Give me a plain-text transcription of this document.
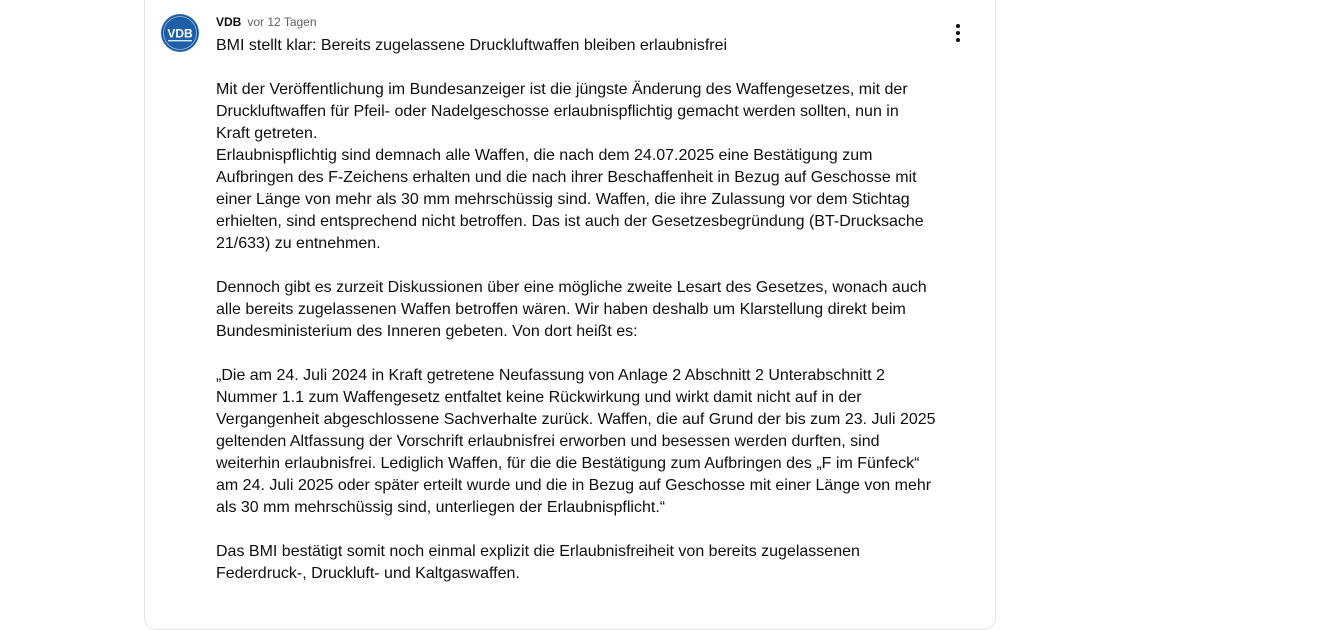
VDB
VDB vor 12 Tagen

BMI stellt klar: Bereits zugelassene Druckluftwaffen bleiben erlaubnisfrei

Mit der Veröffentlichung im Bundesanzeiger ist die jüngste Änderung des Waffengesetzes, mit der

Druckluftwaffen für Pfeil- oder Nadelgeschosse erlaubnispflichtig gemacht werden sollten, nun in

Kraft getreten.

Erlaubnispflichtig sind demnach alle Waffen, die nach dem 24.07.2025 eine Bestätigung zum

Aufbringen des F-Zeichens erhalten und die nach ihrer Beschaffenheit in Bezug auf Geschosse mit

einer Länge von mehr als 30 mm mehrschüssig sind. Waffen, die ihre Zulassung vor dem Stichtag

erhielten, sind entsprechend nicht betroffen. Das ist auch der Gesetzesbegründung (BT-Drucksache

21/633) zu entnehmen.

Dennoch gibt es zurzeit Diskussionen über eine mögliche zweite Lesart des Gesetzes, wonach auch

alle bereits zugelassenen Waffen betroffen wären. Wir haben deshalb um Klarstellung direkt beim

Bundesministerium des Inneren gebeten. Von dort heißt es:

„Die am 24. Juli 2024 in Kraft getretene Neufassung von Anlage 2 Abschnitt 2 Unterabschnitt 2

Nummer 1.1 zum Waffengesetz entfaltet keine Rückwirkung und wirkt damit nicht auf in der

Vergangenheit abgeschlossene Sachverhalte zurück. Waffen, die auf Grund der bis zum 23. Juli 2025

geltenden Altfassung der Vorschrift erlaubnisfrei erworben und besessen werden durften, sind

weiterhin erlaubnisfrei. Lediglich Waffen, für die die Bestätigung zum Aufbringen des „F im Fünfeck“

am 24. Juli 2025 oder später erteilt wurde und die in Bezug auf Geschosse mit einer Länge von mehr

als 30 mm mehrschüssig sind, unterliegen der Erlaubnispflicht.“

Das BMI bestätigt somit noch einmal explizit die Erlaubnisfreiheit von bereits zugelassenen

Federdruck-, Druckluft- und Kaltgaswaffen.
